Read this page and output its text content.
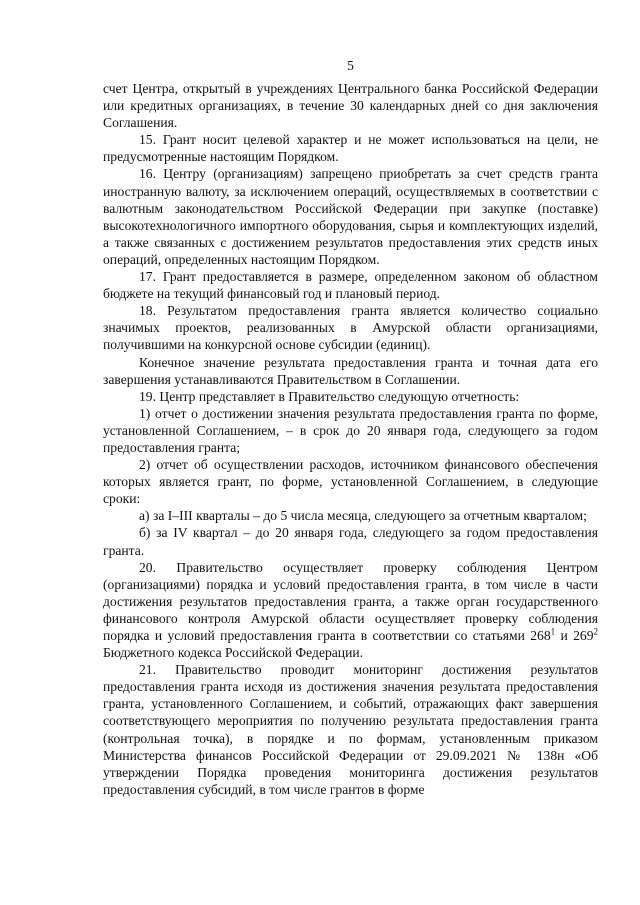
5

счет Центра, открытый в учреждениях Центрального банка Российской Федерации или кредитных организациях, в течение 30 календарных дней со дня заключения Соглашения.

15. Грант носит целевой характер и не может использоваться на цели, не предусмотренные настоящим Порядком.

16. Центру (организациям) запрещено приобретать за счет средств гранта иностранную валюту, за исключением операций, осуществляемых в соответствии с валютным законодательством Российской Федерации при закупке (поставке) высокотехнологичного импортного оборудования, сырья и комплектующих изделий, а также связанных с достижением результатов предоставления этих средств иных операций, определенных настоящим Порядком.

17. Грант предоставляется в размере, определенном законом об областном бюджете на текущий финансовый год и плановый период.

18. Результатом предоставления гранта является количество социально значимых проектов, реализованных в Амурской области организациями, получившими на конкурсной основе субсидии (единиц).

Конечное значение результата предоставления гранта и точная дата его завершения устанавливаются Правительством в Соглашении.

19. Центр представляет в Правительство следующую отчетность:

1) отчет о достижении значения результата предоставления гранта по форме, установленной Соглашением, – в срок до 20 января года, следующего за годом предоставления гранта;

2) отчет об осуществлении расходов, источником финансового обеспечения которых является грант, по форме, установленной Соглашением, в следующие сроки:

а) за I–III кварталы – до 5 числа месяца, следующего за отчетным кварталом;

б) за IV квартал – до 20 января года, следующего за годом предоставления гранта.

20. Правительство осуществляет проверку соблюдения Центром (организациями) порядка и условий предоставления гранта, в том числе в части достижения результатов предоставления гранта, а также орган государственного финансового контроля Амурской области осуществляет проверку соблюдения порядка и условий предоставления гранта в соответствии со статьями $268^1$ и $269^2$ Бюджетного кодекса Российской Федерации.

21. Правительство проводит мониторинг достижения результатов предоставления гранта исходя из достижения значения результата предоставления гранта, установленного Соглашением, и событий, отражающих факт завершения соответствующего мероприятия по получению результата предоставления гранта (контрольная точка), в порядке и по формам, установленным приказом Министерства финансов Российской Федерации от 29.09.2021 № 138н «Об утверждении Порядка проведения мониторинга достижения результатов предоставления субсидий, в том числе грантов в форме
